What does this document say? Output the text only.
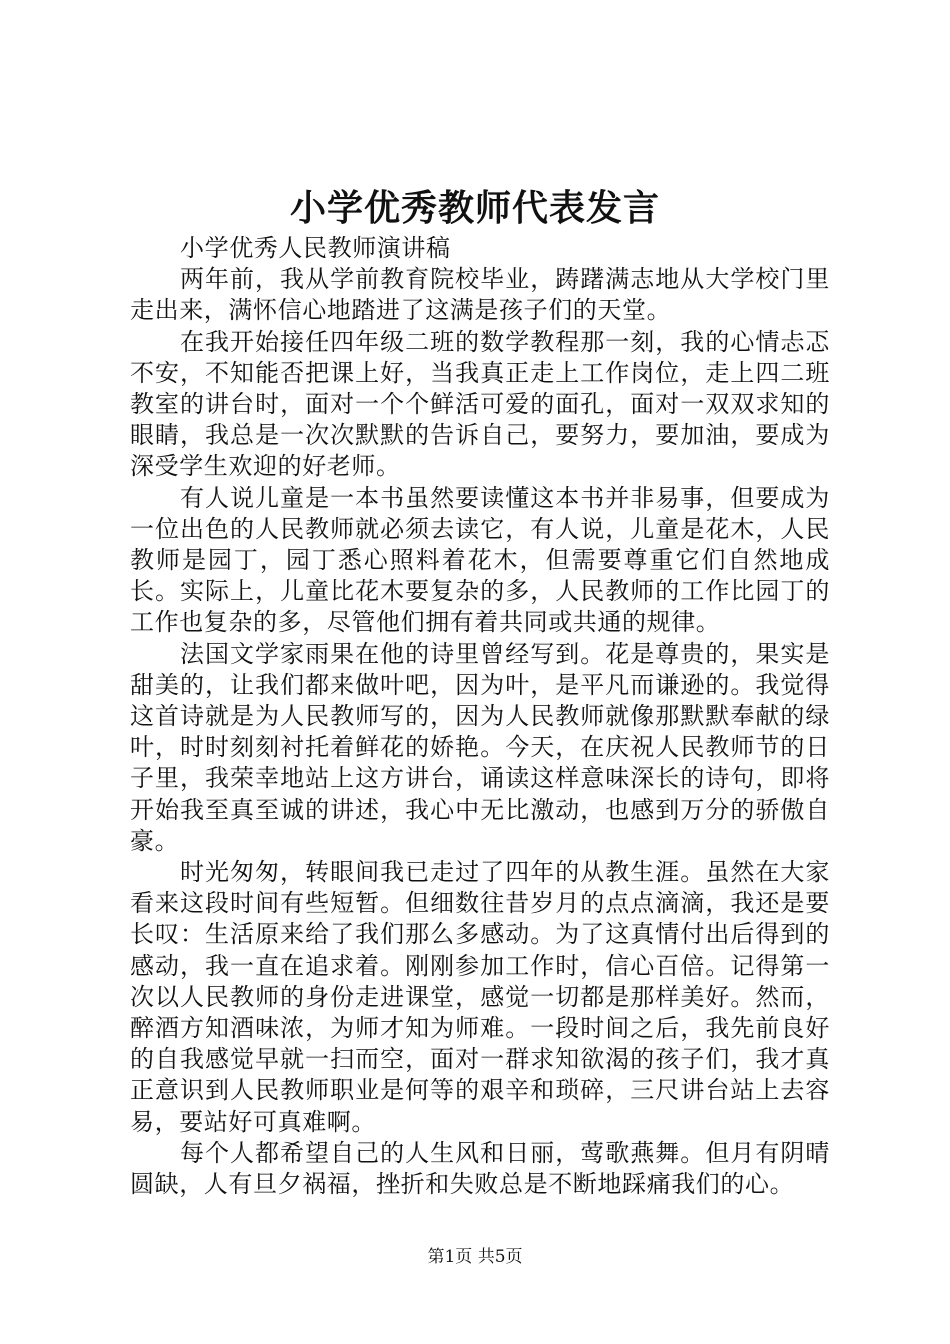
小学优秀教师代表发言

小学优秀人民教师演讲稿

两年前，我从学前教育院校毕业，踌躇满志地从大学校门里走出来，满怀信心地踏进了这满是孩子们的天堂。

在我开始接任四年级二班的数学教程那一刻，我的心情忐忑不安，不知能否把课上好，当我真正走上工作岗位，走上四二班教室的讲台时，面对一个个鲜活可爱的面孔，面对一双双求知的眼睛，我总是一次次默默的告诉自己，要努力，要加油，要成为深受学生欢迎的好老师。

有人说儿童是一本书虽然要读懂这本书并非易事，但要成为一位出色的人民教师就必须去读它，有人说，儿童是花木，人民教师是园丁，园丁悉心照料着花木，但需要尊重它们自然地成长。实际上，儿童比花木要复杂的多，人民教师的工作比园丁的工作也复杂的多，尽管他们拥有着共同或共通的规律。

法国文学家雨果在他的诗里曾经写到。花是尊贵的，果实是甜美的，让我们都来做叶吧，因为叶，是平凡而谦逊的。我觉得这首诗就是为人民教师写的，因为人民教师就像那默默奉献的绿叶，时时刻刻衬托着鲜花的娇艳。今天，在庆祝人民教师节的日子里，我荣幸地站上这方讲台，诵读这样意味深长的诗句，即将开始我至真至诚的讲述，我心中无比激动，也感到万分的骄傲自豪。

时光匆匆，转眼间我已走过了四年的从教生涯。虽然在大家看来这段时间有些短暂。但细数往昔岁月的点点滴滴，我还是要长叹：生活原来给了我们那么多感动。为了这真情付出后得到的感动，我一直在追求着。刚刚参加工作时，信心百倍。记得第一次以人民教师的身份走进课堂，感觉一切都是那样美好。然而，醉酒方知酒味浓，为师才知为师难。一段时间之后，我先前良好的自我感觉早就一扫而空，面对一群求知欲渴的孩子们，我才真正意识到人民教师职业是何等的艰辛和琐碎，三尺讲台站上去容易，要站好可真难啊。

每个人都希望自己的人生风和日丽，莺歌燕舞。但月有阴晴圆缺，人有旦夕祸福，挫折和失败总是不断地踩痛我们的心。

第1页 共5页
